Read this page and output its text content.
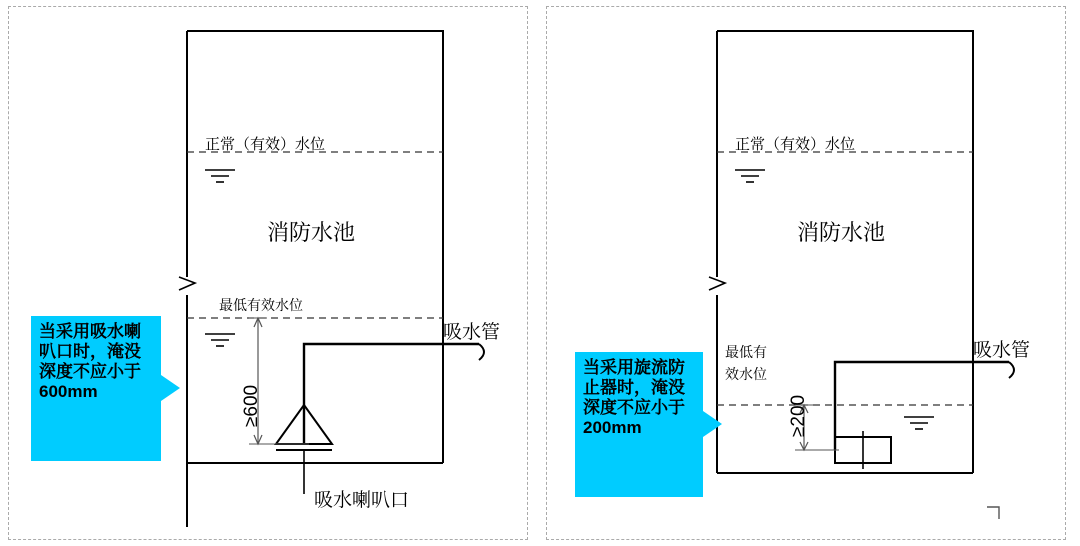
正常（有效）水位
消防水池
最低有效水位
吸水管
吸水喇叭口
≥600
当采用吸水喇叭口时，淹没深度不应小于600mm
正常（有效）水位
消防水池
最低有
效水位
吸水管
≥200
当采用旋流防止器时，淹没深度不应小于200mm
